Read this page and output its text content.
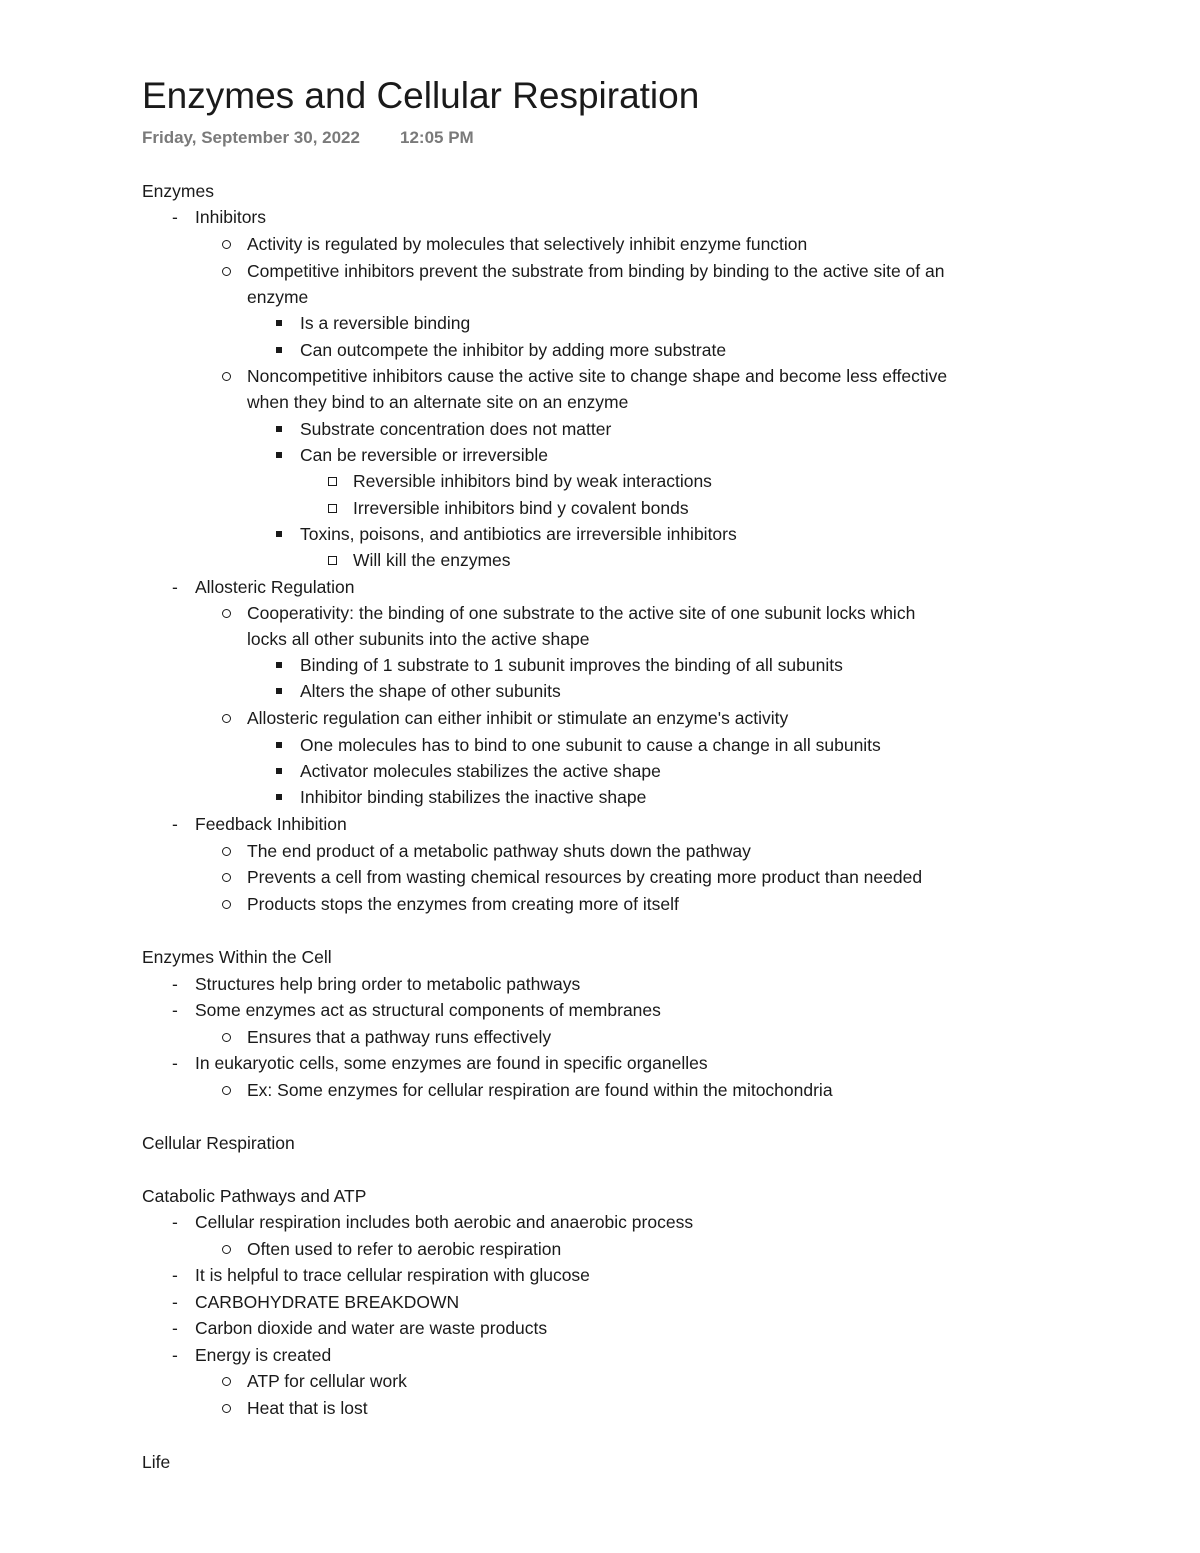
Enzymes and Cellular Respiration
Friday, September 30, 2022 12:05 PM
Enzymes
- Inhibitors
Activity is regulated by molecules that selectively inhibit enzyme function
Competitive inhibitors prevent the substrate from binding by binding to the active site of an
enzyme
Is a reversible binding
Can outcompete the inhibitor by adding more substrate
Noncompetitive inhibitors cause the active site to change shape and become less effective
when they bind to an alternate site on an enzyme
Substrate concentration does not matter
Can be reversible or irreversible
Reversible inhibitors bind by weak interactions
Irreversible inhibitors bind y covalent bonds
Toxins, poisons, and antibiotics are irreversible inhibitors
Will kill the enzymes
- Allosteric Regulation
Cooperativity: the binding of one substrate to the active site of one subunit locks which
locks all other subunits into the active shape
Binding of 1 substrate to 1 subunit improves the binding of all subunits
Alters the shape of other subunits
Allosteric regulation can either inhibit or stimulate an enzyme's activity
One molecules has to bind to one subunit to cause a change in all subunits
Activator molecules stabilizes the active shape
Inhibitor binding stabilizes the inactive shape
- Feedback Inhibition
The end product of a metabolic pathway shuts down the pathway
Prevents a cell from wasting chemical resources by creating more product than needed
Products stops the enzymes from creating more of itself
Enzymes Within the Cell
- Structures help bring order to metabolic pathways
- Some enzymes act as structural components of membranes
Ensures that a pathway runs effectively
- In eukaryotic cells, some enzymes are found in specific organelles
Ex: Some enzymes for cellular respiration are found within the mitochondria
Cellular Respiration
Catabolic Pathways and ATP
- Cellular respiration includes both aerobic and anaerobic process
Often used to refer to aerobic respiration
- It is helpful to trace cellular respiration with glucose
- CARBOHYDRATE BREAKDOWN
- Carbon dioxide and water are waste products
- Energy is created
ATP for cellular work
Heat that is lost
Life
